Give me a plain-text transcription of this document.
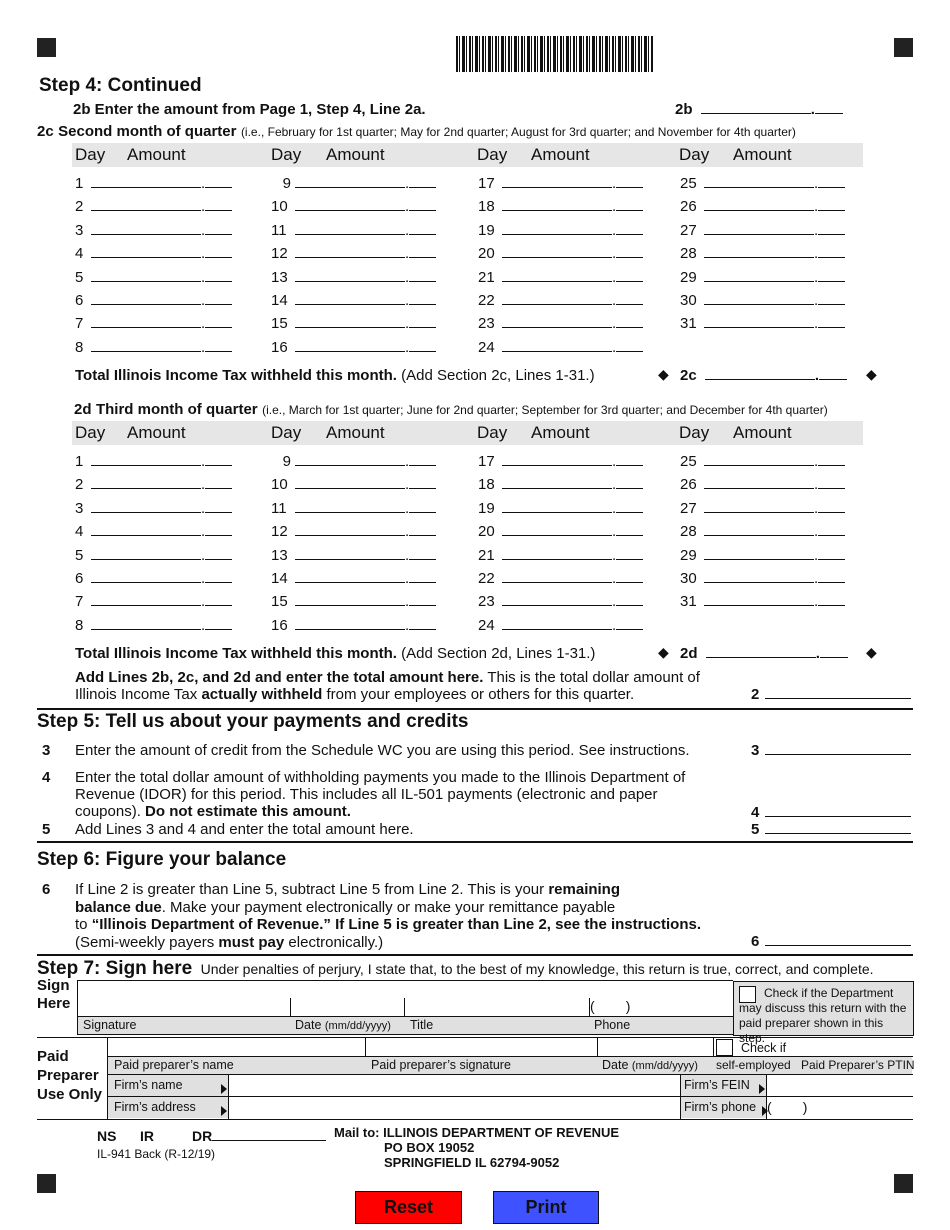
Step 4: Continued
2b Enter the amount from Page 1, Step 4, Line 2a.	2b	.
2c Second month of quarter (i.e., February for 1st quarter; May for 2nd quarter; August for 3rd quarter; and November for 4th quarter)
Day Amount	Day Amount	Day Amount	Day Amount
1	.
2	.
3	.
4	.
5	.
6	.
7	.
8	.
9	.
10	.
11	.
12	.
13	.
14	.
15	.
16	.
17	.
18	.
19	.
20	.
21	.
22	.
23	.
24	.
25	.
26	.
27	.
28	.
29	.
30	.
31	.
Total Illinois Income Tax withheld this month. (Add Section 2c, Lines 1-31.)	◆ 2c	.	◆
2d Third month of quarter (i.e., March for 1st quarter; June for 2nd quarter; September for 3rd quarter; and December for 4th quarter)
Day Amount	Day Amount	Day Amount	Day Amount
1	.
2	.
3	.
4	.
5	.
6	.
7	.
8	.
9	.
10	.
11	.
12	.
13	.
14	.
15	.
16	.
17	.
18	.
19	.
20	.
21	.
22	.
23	.
24	.
25	.
26	.
27	.
28	.
29	.
30	.
31	.
Total Illinois Income Tax withheld this month. (Add Section 2d, Lines 1-31.)	◆ 2d	.	◆
Add Lines 2b, 2c, and 2d and enter the total amount here. This is the total dollar amount of
Illinois Income Tax actually withheld from your employees or others for this quarter.	2
Step 5: Tell us about your payments and credits
3 Enter the amount of credit from the Schedule WC you are using this period. See instructions.	3
4 Enter the total dollar amount of withholding payments you made to the Illinois Department of
Revenue (IDOR) for this period. This includes all IL-501 payments (electronic and paper
coupons). Do not estimate this amount.	4
5 Add Lines 3 and 4 and enter the total amount here.	5
Step 6: Figure your balance
6 If Line 2 is greater than Line 5, subtract Line 5 from Line 2. This is your remaining
balance due. Make your payment electronically or make your remittance payable
to “Illinois Department of Revenue.” If Line 5 is greater than Line 2, see the instructions.
(Semi-weekly payers must pay electronically.)	6
Step 7: Sign here Under penalties of perjury, I state that, to the best of my knowledge, this return is true, correct, and complete.
Sign Here	(        )
Signature	Date (mm/dd/yyyy) Title	Phone
Check if the Department may discuss this return with the paid preparer shown in this step.
Paid Preparer Use Only
Paid preparer’s name	Paid preparer’s signature	Date (mm/dd/yyyy)
Check if
self-employed Paid Preparer’s PTIN
Firm’s name
Firm’s address
Firm’s FEIN
Firm’s phone (        )
NS IR	DR
IL-941 Back (R-12/19)
Mail to: ILLINOIS DEPARTMENT OF REVENUE
PO BOX 19052
SPRINGFIELD IL 62794-9052
Reset	Print
